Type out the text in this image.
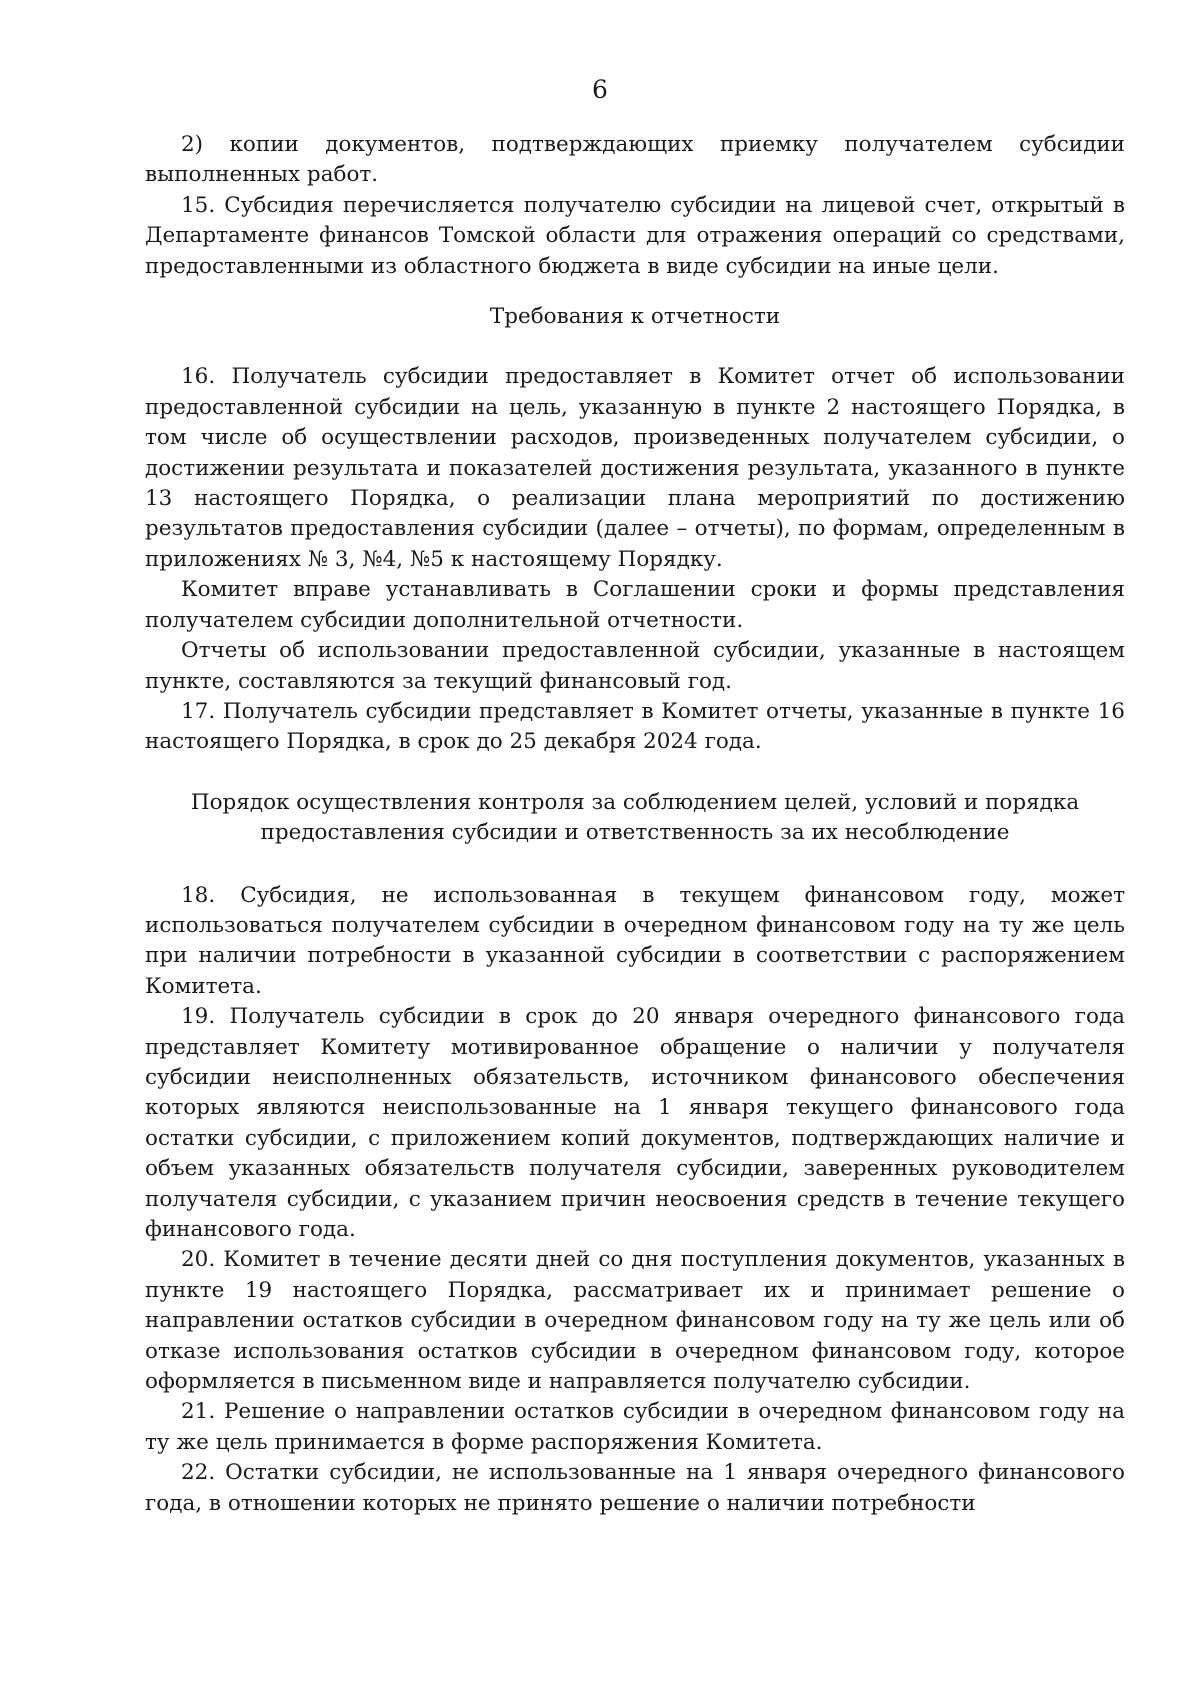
6

2) копии документов, подтверждающих приемку получателем субсидии выполненных работ.

15. Субсидия перечисляется получателю субсидии на лицевой счет, открытый в Департаменте финансов Томской области для отражения операций со средствами, предоставленными из областного бюджета в виде субсидии на иные цели.

Требования к отчетности

16. Получатель субсидии предоставляет в Комитет отчет об использовании предоставленной субсидии на цель, указанную в пункте 2 настоящего Порядка, в том числе об осуществлении расходов, произведенных получателем субсидии, о достижении результата и показателей достижения результата, указанного в пункте 13 настоящего Порядка, о реализации плана мероприятий по достижению результатов предоставления субсидии (далее – отчеты), по формам, определенным в приложениях № 3, №4, №5 к настоящему Порядку.

Комитет вправе устанавливать в Соглашении сроки и формы представления получателем субсидии дополнительной отчетности.

Отчеты об использовании предоставленной субсидии, указанные в настоящем пункте, составляются за текущий финансовый год.

17. Получатель субсидии представляет в Комитет отчеты, указанные в пункте 16 настоящего Порядка, в срок до 25 декабря 2024 года.

Порядок осуществления контроля за соблюдением целей, условий и порядка
предоставления субсидии и ответственность за их несоблюдение

18. Субсидия, не использованная в текущем финансовом году, может использоваться получателем субсидии в очередном финансовом году на ту же цель при наличии потребности в указанной субсидии в соответствии с распоряжением Комитета.

19. Получатель субсидии в срок до 20 января очередного финансового года представляет Комитету мотивированное обращение о наличии у получателя субсидии неисполненных обязательств, источником финансового обеспечения которых являются неиспользованные на 1 января текущего финансового года остатки субсидии, с приложением копий документов, подтверждающих наличие и объем указанных обязательств получателя субсидии, заверенных руководителем получателя субсидии, с указанием причин неосвоения средств в течение текущего финансового года.

20. Комитет в течение десяти дней со дня поступления документов, указанных в пункте 19 настоящего Порядка, рассматривает их и принимает решение о направлении остатков субсидии в очередном финансовом году на ту же цель или об отказе использования остатков субсидии в очередном финансовом году, которое оформляется в письменном виде и направляется получателю субсидии.

21. Решение о направлении остатков субсидии в очередном финансовом году на ту же цель принимается в форме распоряжения Комитета.

22. Остатки субсидии, не использованные на 1 января очередного финансового года, в отношении которых не принято решение о наличии потребности
